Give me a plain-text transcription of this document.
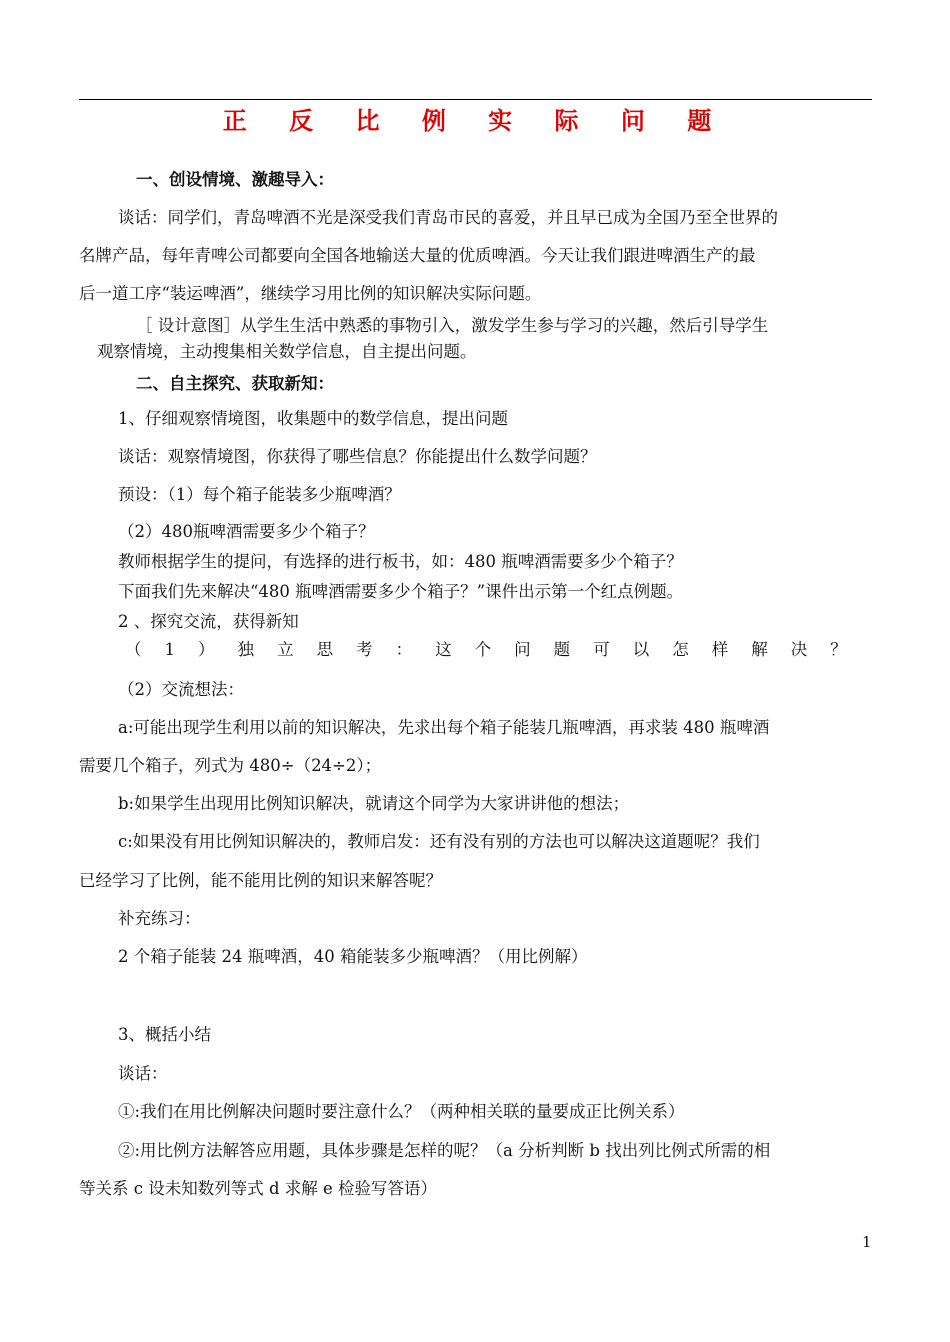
正 反 比 例 实 际 问 题
一、创设情境、激趣导入：
谈话：同学们，青岛啤酒不光是深受我们青岛市民的喜爱，并且早已成为全国乃至全世界的
名牌产品，每年青啤公司都要向全国各地输送大量的优质啤酒。今天让我们跟进啤酒生产的最
后一道工序“装运啤酒”，继续学习用比例的知识解决实际问题。
［ 设计意图］从学生生活中熟悉的事物引入，激发学生参与学习的兴趣，然后引导学生
观察情境，主动搜集相关数学信息，自主提出问题。
二、自主探究、获取新知：
1、仔细观察情境图，收集题中的数学信息，提出问题
谈话：观察情境图，你获得了哪些信息？你能提出什么数学问题？
预设：（1）每个箱子能装多少瓶啤酒？
（2）480瓶啤酒需要多少个箱子？
教师根据学生的提问，有选择的进行板书，如：480 瓶啤酒需要多少个箱子？
下面我们先来解决“480 瓶啤酒需要多少个箱子？”课件出示第一个红点例题。
2 、探究交流，获得新知
（ 1 ） 独 立 思 考 ： 这 个 问 题 可 以 怎 样 解 决 ？
（2）交流想法：
a:可能出现学生利用以前的知识解决，先求出每个箱子能装几瓶啤酒，再求装 480 瓶啤酒
需要几个箱子，列式为 480÷（24÷2）；
b:如果学生出现用比例知识解决，就请这个同学为大家讲讲他的想法；
c:如果没有用比例知识解决的，教师启发：还有没有别的方法也可以解决这道题呢？我们
已经学习了比例，能不能用比例的知识来解答呢？
补充练习：
2 个箱子能装 24 瓶啤酒，40 箱能装多少瓶啤酒？（用比例解）
3、概括小结
谈话：
①:我们在用比例解决问题时要注意什么？（两种相关联的量要成正比例关系）
②:用比例方法解答应用题，具体步骤是怎样的呢？（a 分析判断 b 找出列比例式所需的相
等关系 c 设未知数列等式 d 求解 e 检验写答语）
1
